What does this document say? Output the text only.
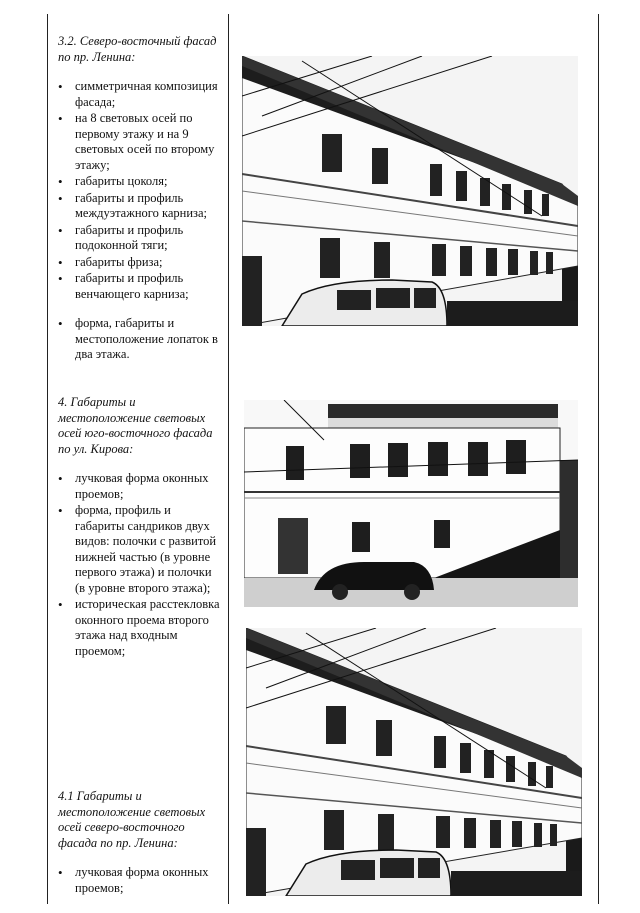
3.2. Северо-восточный фасад по пр. Ленина:

• симметричная композиция фасада;
• на 8 световых осей по первому этажу и на 9 световых осей по второму этажу;
• габариты цоколя;
• габариты и профиль междуэтажного карниза;
• габариты и профиль подоконной тяги;
• габариты фриза;
• габариты и профиль венчающего карниза;
• форма, габариты и местоположение лопаток в два этажа.

4. Габариты и местоположение световых осей юго-восточного фасада по ул. Кирова:

• лучковая форма оконных проемов;
• форма, профиль и габариты сандриков двух видов: полочки с развитой нижней частью (в уровне первого этажа) и полочки (в уровне второго этажа);
• историческая расстекловка оконного проема второго этажа над входным проемом;

4.1 Габариты и местоположение световых осей северо-восточного фасада по пр. Ленина:

• лучковая форма оконных проемов;
